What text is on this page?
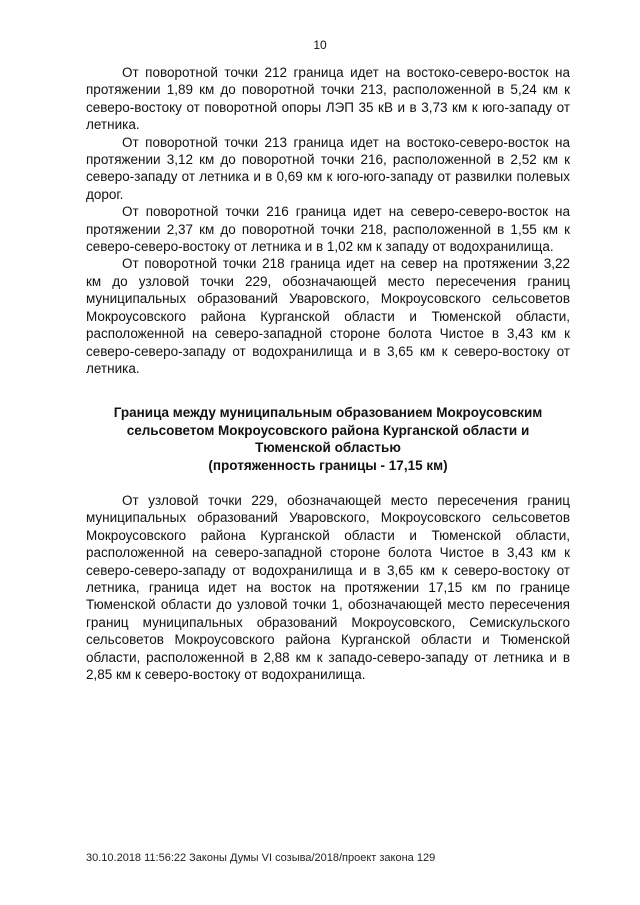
10

От поворотной точки 212 граница идет на востоко-северо-восток на протяжении 1,89 км до поворотной точки 213, расположенной в 5,24 км к северо-востоку от поворотной опоры ЛЭП 35 кВ и в 3,73 км к юго-западу от летника.

От поворотной точки 213 граница идет на востоко-северо-восток на протяжении 3,12 км до поворотной точки 216, расположенной в 2,52 км к северо-западу от летника и в 0,69 км к юго-юго-западу от развилки полевых дорог.

От поворотной точки 216 граница идет на северо-северо-восток на протяжении 2,37 км до поворотной точки 218, расположенной в 1,55 км к северо-северо-востоку от летника и в 1,02 км к западу от водохранилища.

От поворотной точки 218 граница идет на север на протяжении 3,22 км до узловой точки 229, обозначающей место пересечения границ муниципальных образований Уваровского, Мокроусовского сельсоветов Мокроусовского района Курганской области и Тюменской области, расположенной на северо-западной стороне болота Чистое в 3,43 км к северо-северо-западу от водохранилища и в 3,65 км к северо-востоку от летника.

Граница между муниципальным образованием Мокроусовским
сельсоветом Мокроусовского района Курганской области и
Тюменской областью
(протяженность границы - 17,15 км)

От узловой точки 229, обозначающей место пересечения границ муниципальных образований Уваровского, Мокроусовского сельсоветов Мокроусовского района Курганской области и Тюменской области, расположенной на северо-западной стороне болота Чистое в 3,43 км к северо-северо-западу от водохранилища и в 3,65 км к северо-востоку от летника, граница идет на восток на протяжении 17,15 км по границе Тюменской области до узловой точки 1, обозначающей место пересечения границ муниципальных образований Мокроусовского, Семискульского сельсоветов Мокроусовского района Курганской области и Тюменской области, расположенной в 2,88 км к западо-северо-западу от летника и в 2,85 км к северо-востоку от водохранилища.

30.10.2018 11:56:22 Законы Думы VI созыва/2018/проект закона 129
